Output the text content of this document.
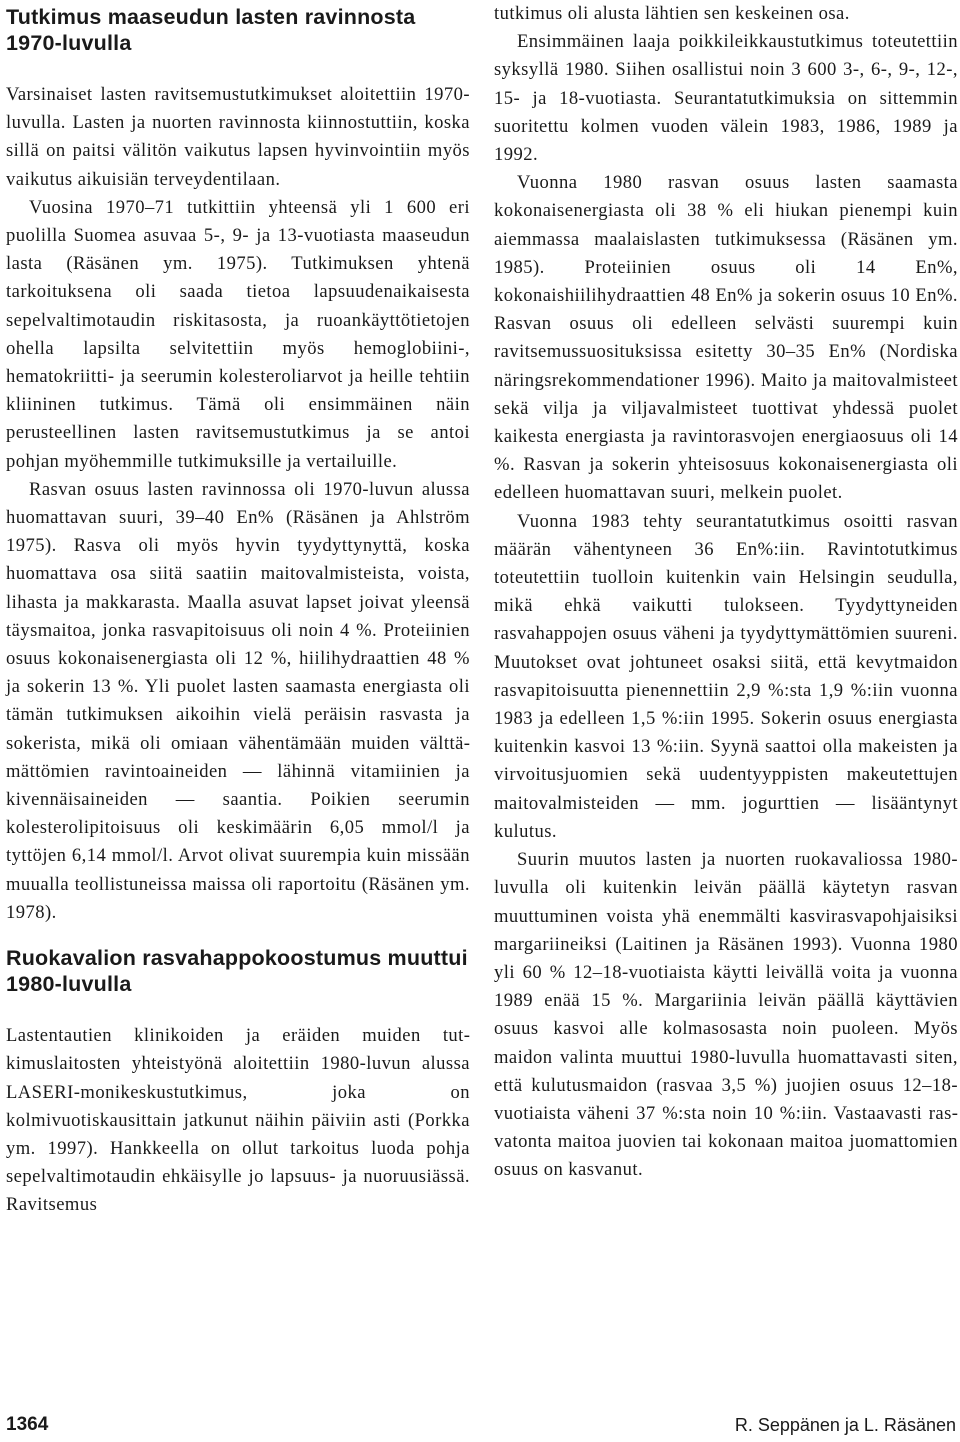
Tutkimus maaseudun lasten ravinnosta 1970-luvulla

Varsinaiset lasten ravitsemustutkimukset aloitettiin 1970-luvulla. Lasten ja nuorten ravinnosta kiinnostuttiin, koska sillä on paitsi välitön vaikutus lapsen hyvinvointiin myös vaikutus aikuisiän terveydentilaan.

Vuosina 1970–71 tutkittiin yhteensä yli 1 600 eri puolilla Suomea asuvaa 5-, 9- ja 13-vuotiasta maaseudun lasta (Räsänen ym. 1975). Tutkimuksen yhtenä tarkoituksena oli saada tietoa lapsuudenaikaisesta sepelvaltimotaudin riskitasosta, ja ruoankäyttötietojen ohella lapsilta selvitettiin myös hemoglobiini-, hematokriitti- ja seerumin kolesteroliarvot ja heille tehtiin kliininen tutkimus. Tämä oli ensimmäinen näin perusteellinen lasten ravitsemustutkimus ja se antoi pohjan myöhemmille tutkimuksille ja vertailuille.

Rasvan osuus lasten ravinnossa oli 1970-luvun alussa huomattavan suuri, 39–40 En% (Räsänen ja Ahlström 1975). Rasva oli myös hyvin tyydyttynyttä, koska huomattava osa siitä saatiin maitovalmisteista, voista, lihasta ja makkarasta. Maalla asuvat lapset joivat yleensä täysmaitoa, jonka rasvapitoisuus oli noin 4 %. Proteiinien osuus kokonaisenergiasta oli 12 %, hiilihydraattien 48 % ja sokerin 13 %. Yli puolet lasten saamasta energiasta oli tämän tutkimuksen aikoihin vielä peräisin rasvasta ja sokerista, mikä oli omiaan vähentämään muiden välttämättömien ravintoaineiden — lähinnä vitamiinien ja kivennäisaineiden — saantia. Poikien seerumin kolesterolipitoisuus oli keskimäärin 6,05 mmol/l ja tyttöjen 6,14 mmol/l. Arvot olivat suurempia kuin missään muualla teollistuneissa maissa oli raportoitu (Räsänen ym. 1978).

Ruokavalion rasvahappokoostumus muuttui 1980-luvulla

Lastentautien klinikoiden ja eräiden muiden tutkimuslaitosten yhteistyönä aloitettiin 1980-luvun alussa LASERI-monikeskustutkimus, joka on kolmivuotiskausittain jatkunut näihin päiviin asti (Porkka ym. 1997). Hankkeella on ollut tarkoitus luoda pohja sepelvaltimotaudin ehkäisylle jo lapsuus- ja nuoruusiässä. Ravitsemus

tutkimus oli alusta lähtien sen keskeinen osa.

Ensimmäinen laaja poikkileikkaustutkimus toteutettiin syksyllä 1980. Siihen osallistui noin 3 600 3-, 6-, 9-, 12-, 15- ja 18-vuotiasta. Seurantatutkimuksia on sittemmin suoritettu kolmen vuoden välein 1983, 1986, 1989 ja 1992.

Vuonna 1980 rasvan osuus lasten saamasta kokonaisenergiasta oli 38 % eli hiukan pienempi kuin aiemmassa maalaislasten tutkimuksessa (Räsänen ym. 1985). Proteiinien osuus oli 14 En%, kokonaishiilihydraattien 48 En% ja sokerin osuus 10 En%. Rasvan osuus oli edelleen selvästi suurempi kuin ravitsemussuosituksissa esitetty 30–35 En% (Nordiska näringsrekommendationer 1996). Maito ja maitovalmisteet sekä vilja ja viljavalmisteet tuottivat yhdessä puolet kaikesta energiasta ja ravintorasvojen energiaosuus oli 14 %. Rasvan ja sokerin yhteisosuus kokonaisenergiasta oli edelleen huomattavan suuri, melkein puolet.

Vuonna 1983 tehty seurantatutkimus osoitti rasvan määrän vähentyneen 36 En%:iin. Ravintotutkimus toteutettiin tuolloin kuitenkin vain Helsingin seudulla, mikä ehkä vaikutti tulokseen. Tyydyttyneiden rasvahappojen osuus väheni ja tyydyttymättömien suureni. Muutokset ovat johtuneet osaksi siitä, että kevytmaidon rasvapitoisuutta pienennettiin 2,9 %:sta 1,9 %:iin vuonna 1983 ja edelleen 1,5 %:iin 1995. Sokerin osuus energiasta kuitenkin kasvoi 13 %:iin. Syynä saattoi olla makeisten ja virvoitusjuomien sekä uudentyyppisten makeutettujen maitovalmisteiden — mm. jogurttien — lisääntynyt kulutus.

Suurin muutos lasten ja nuorten ruokavaliossa 1980-luvulla oli kuitenkin leivän päällä käytetyn rasvan muuttuminen voista yhä enemmälti kasvirasvapohjaisiksi margariineiksi (Laitinen ja Räsänen 1993). Vuonna 1980 yli 60 % 12–18-vuotiaista käytti leivällä voita ja vuonna 1989 enää 15 %. Margariinia leivän päällä käyttävien osuus kasvoi alle kolmasosasta noin puoleen. Myös maidon valinta muuttui 1980-luvulla huomattavasti siten, että kulutusmaidon (rasvaa 3,5 %) juojien osuus 12–18-vuotiaista väheni 37 %:sta noin 10 %:iin. Vastaavasti rasvatonta maitoa juovien tai kokonaan maitoa juomattomien osuus on kasvanut.

1364	R. Seppänen ja L. Räsänen
